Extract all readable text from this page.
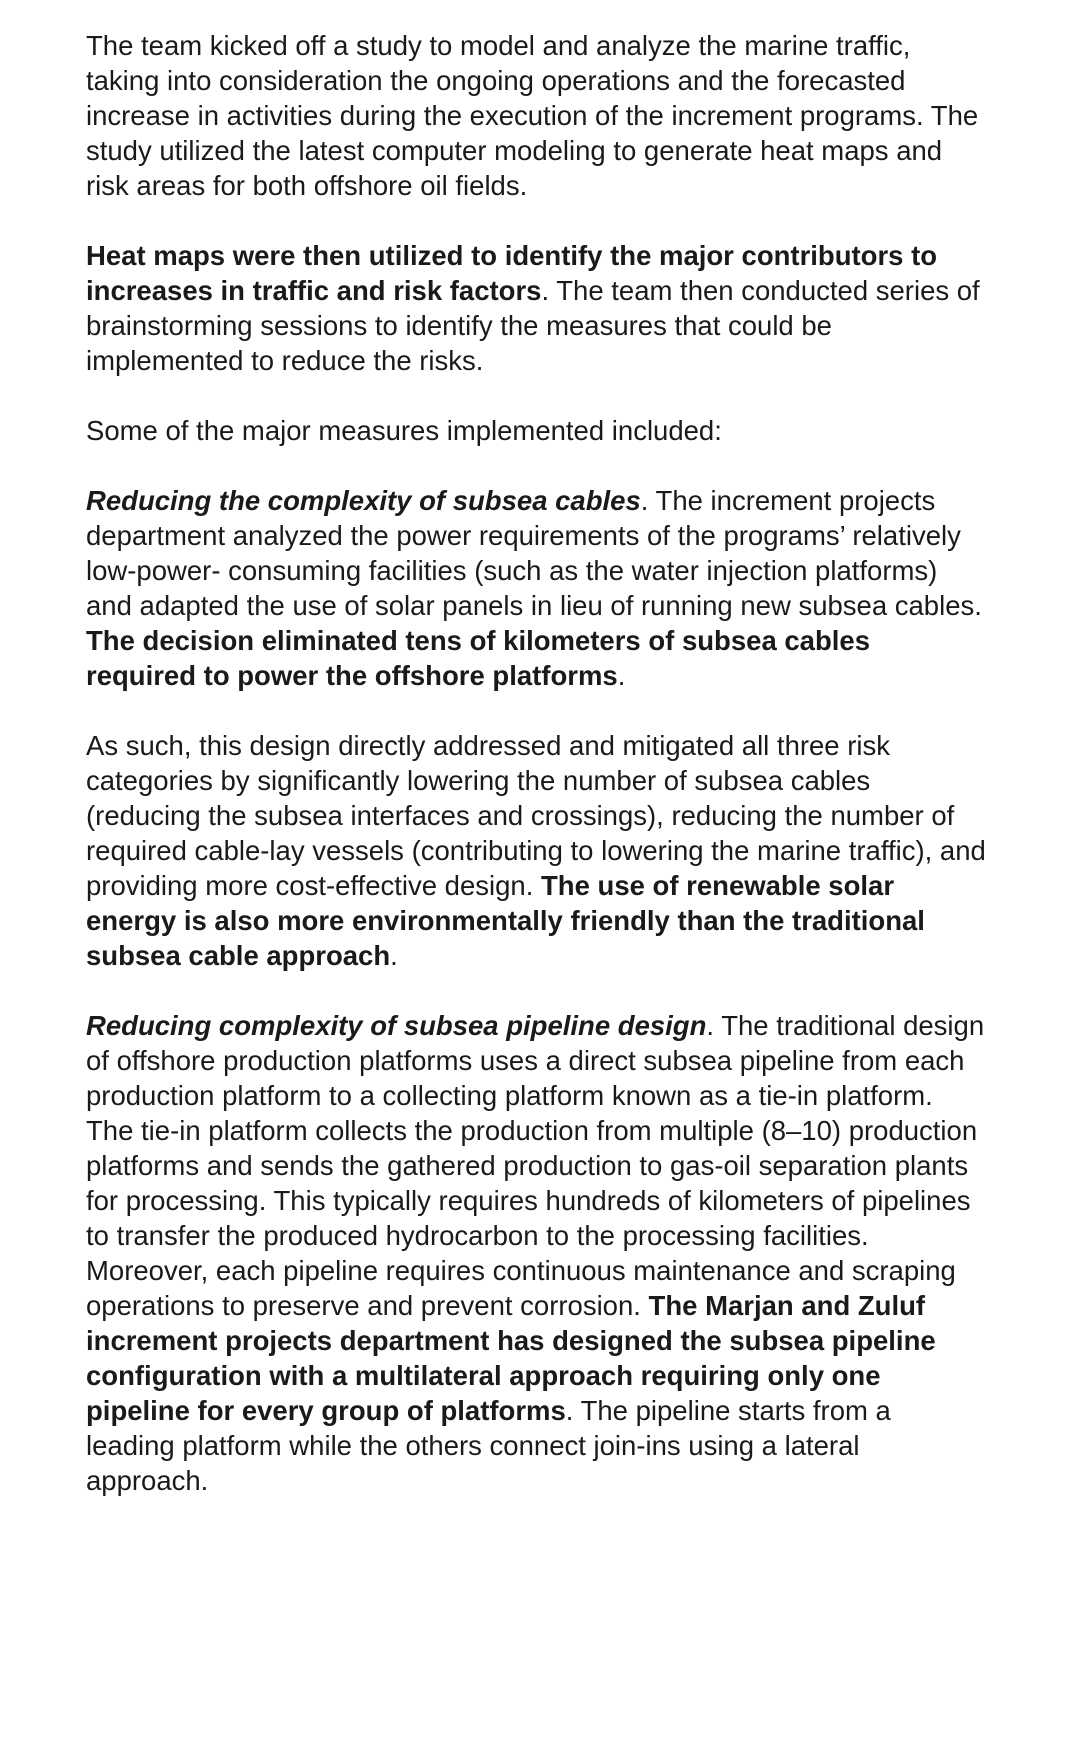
The team kicked off a study to model and analyze the marine traffic, taking into consideration the ongoing operations and the forecasted increase in activities during the execution of the increment programs. The study utilized the latest computer modeling to generate heat maps and risk areas for both offshore oil fields.

Heat maps were then utilized to identify the major contributors to increases in traffic and risk factors. The team then conducted series of brainstorming sessions to identify the measures that could be implemented to reduce the risks.

Some of the major measures implemented included:

Reducing the complexity of subsea cables. The increment projects department analyzed the power requirements of the programs’ relatively low-power- consuming facilities (such as the water injection platforms) and adapted the use of solar panels in lieu of running new subsea cables. The decision eliminated tens of kilometers of subsea cables required to power the offshore platforms.

As such, this design directly addressed and mitigated all three risk categories by significantly lowering the number of subsea cables (reducing the subsea interfaces and crossings), reducing the number of required cable-lay vessels (contributing to lowering the marine traffic), and providing more cost-effective design. The use of renewable solar energy is also more environmentally friendly than the traditional subsea cable approach.

Reducing complexity of subsea pipeline design. The traditional design of offshore production platforms uses a direct subsea pipeline from each production platform to a collecting platform known as a tie-in platform. The tie-in platform collects the production from multiple (8–10) production platforms and sends the gathered production to gas-oil separation plants for processing. This typically requires hundreds of kilometers of pipelines to transfer the produced hydrocarbon to the processing facilities. Moreover, each pipeline requires continuous maintenance and scraping operations to preserve and prevent corrosion. The Marjan and Zuluf increment projects department has designed the subsea pipeline configuration with a multilateral approach requiring only one pipeline for every group of platforms. The pipeline starts from a leading platform while the others connect join-ins using a lateral approach.
